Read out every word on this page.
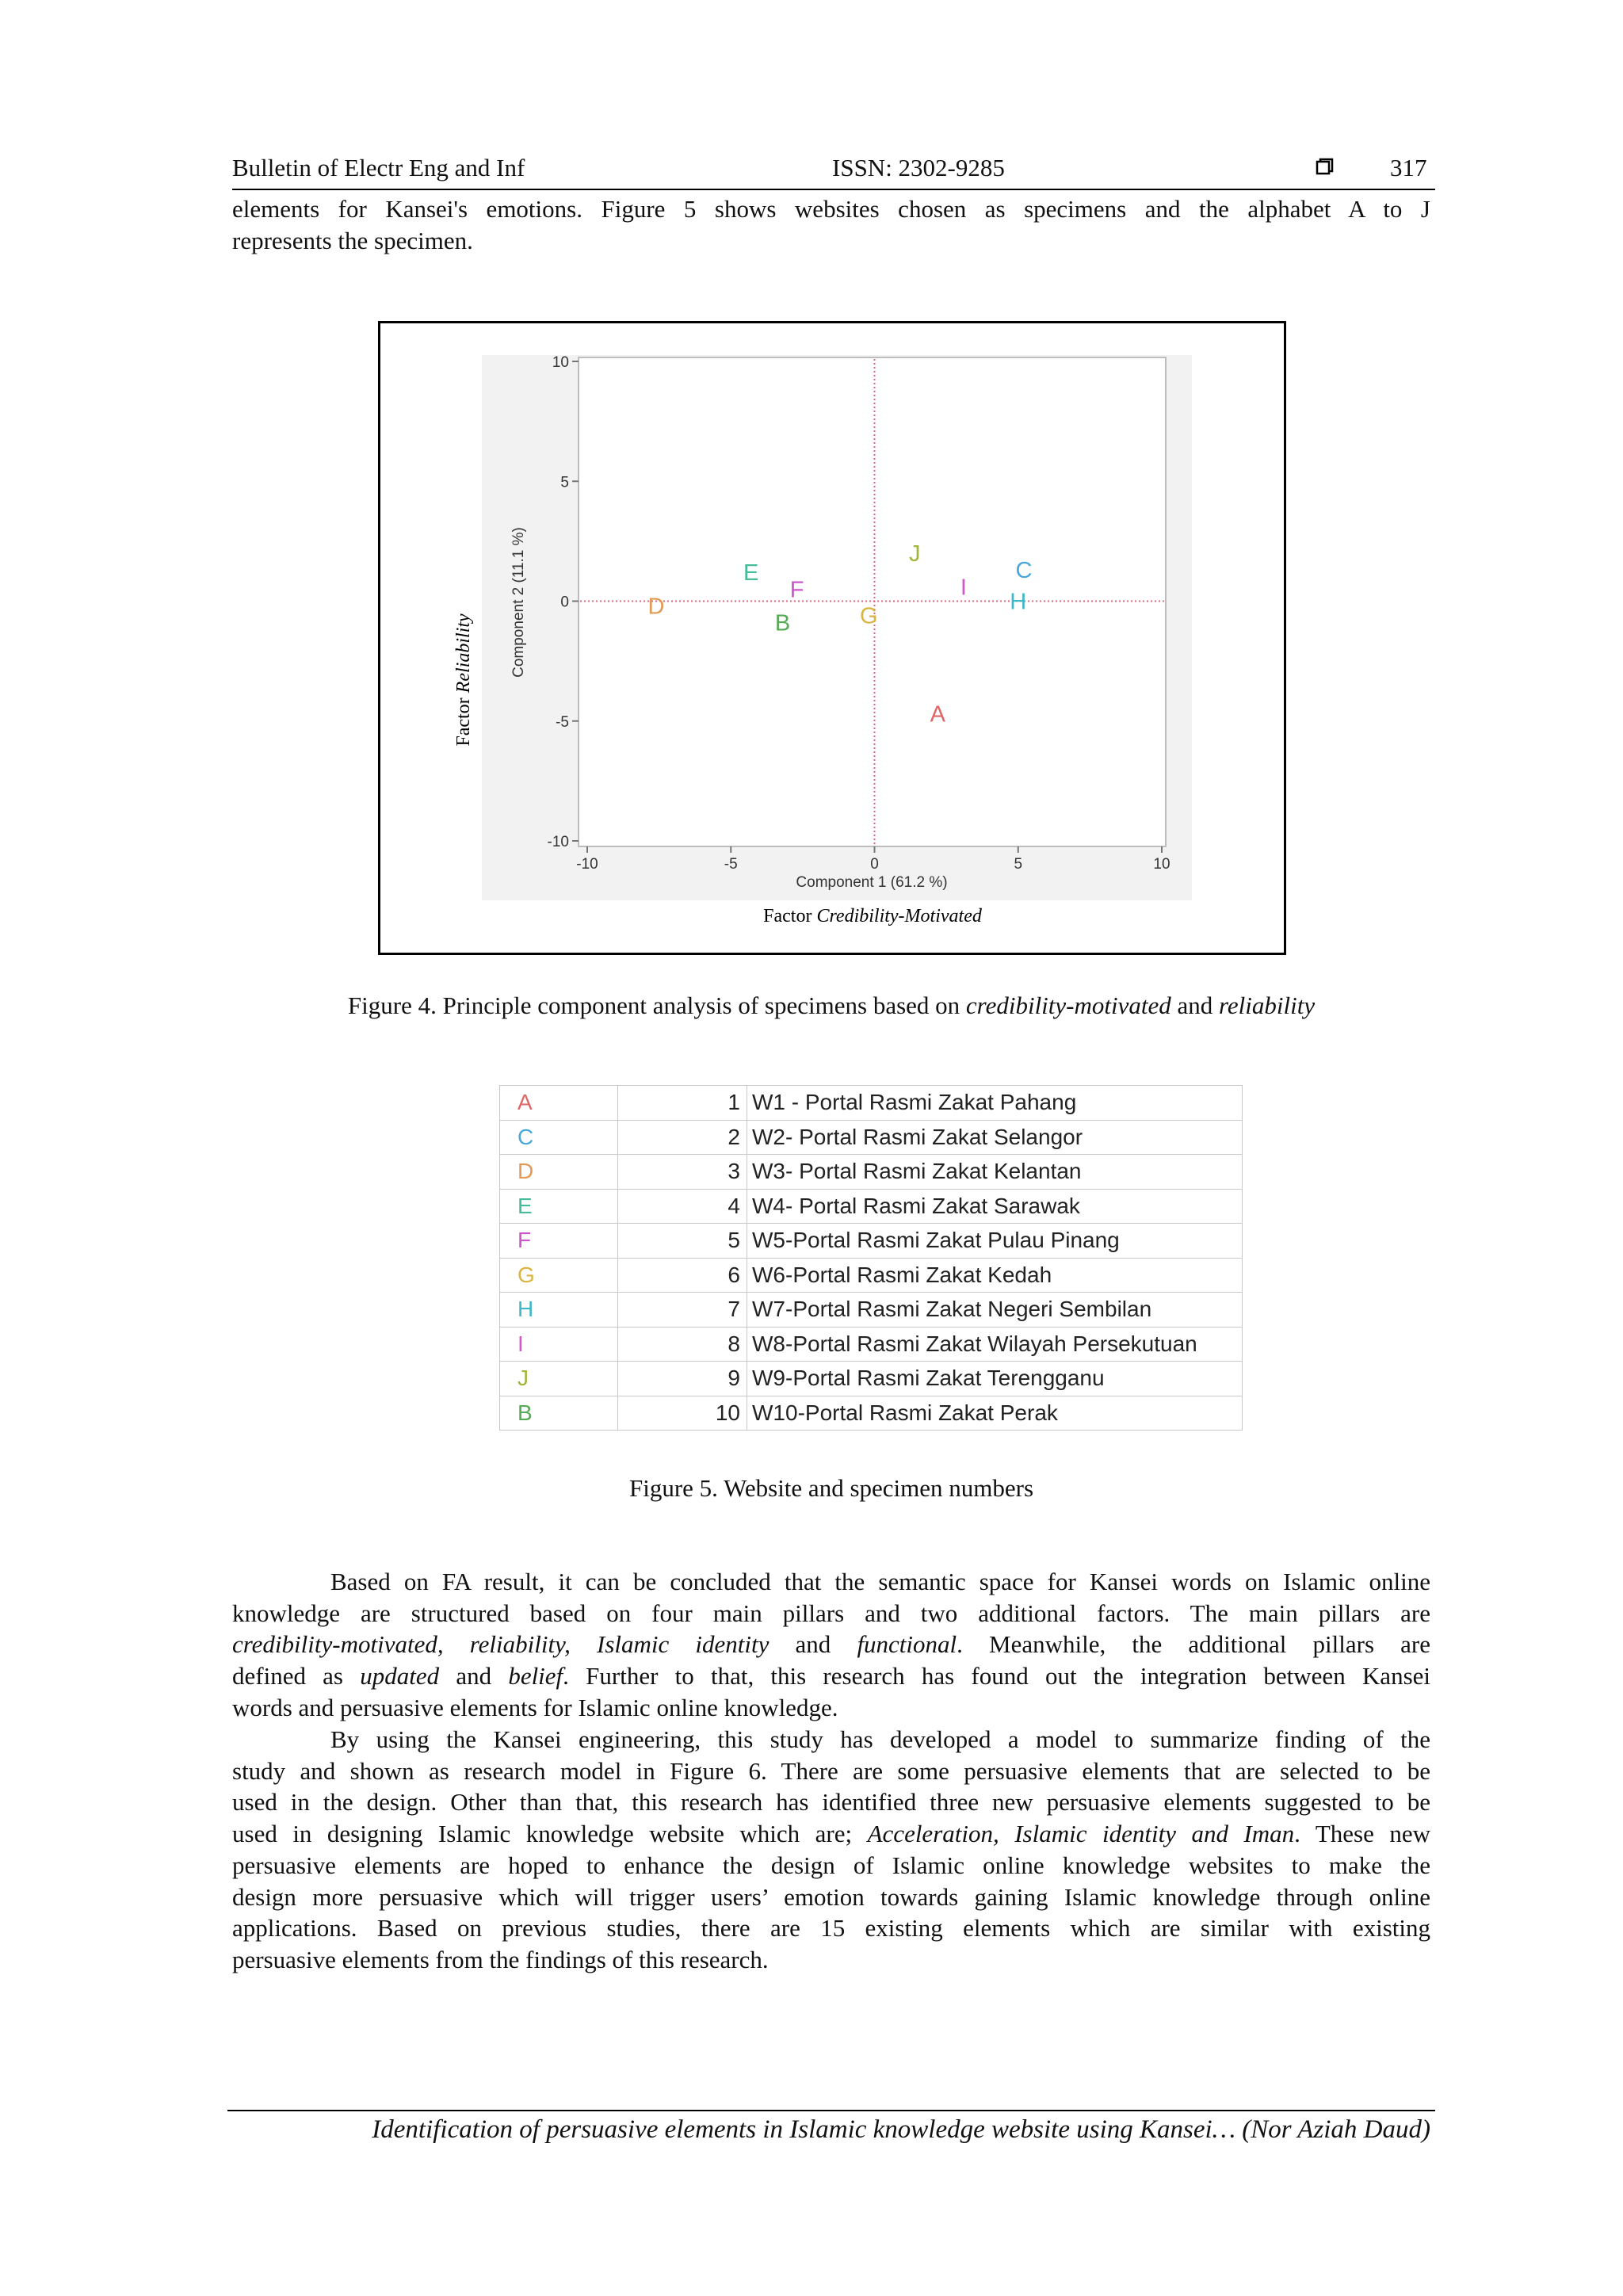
Bulletin of Electr Eng and Inf	ISSN: 2302-9285	317
elements for Kansei's emotions. Figure 5 shows websites chosen as specimens and the alphabet A to J
represents the specimen.
-10	-5	0	5	10
10
5
0
-5
-10
A
B
C
D
E
F
G
H
I
J
Component 1 (61.2 %)
Component 2 (11.1 %)
Factor Credibility-Motivated
Factor Reliability
Figure 4. Principle component analysis of specimens based on credibility-motivated and reliability
A	1	W1 - Portal Rasmi Zakat Pahang
C	2	W2- Portal Rasmi Zakat Selangor
D	3	W3- Portal Rasmi Zakat Kelantan
E	4	W4- Portal Rasmi Zakat Sarawak
F	5	W5-Portal Rasmi Zakat Pulau Pinang
G	6	W6-Portal Rasmi Zakat Kedah
H	7	W7-Portal Rasmi Zakat Negeri Sembilan
I	8	W8-Portal Rasmi Zakat Wilayah Persekutuan
J	9	W9-Portal Rasmi Zakat Terengganu
B	10	W10-Portal Rasmi Zakat Perak
Figure 5. Website and specimen numbers
Based on FA result, it can be concluded that the semantic space for Kansei words on Islamic online
knowledge are structured based on four main pillars and two additional factors. The main pillars are
credibility-motivated, reliability, Islamic identity and functional. Meanwhile, the additional pillars are
defined as updated and belief. Further to that, this research has found out the integration between Kansei
words and persuasive elements for Islamic online knowledge.
By using the Kansei engineering, this study has developed a model to summarize finding of the
study and shown as research model in Figure 6. There are some persuasive elements that are selected to be
used in the design. Other than that, this research has identified three new persuasive elements suggested to be
used in designing Islamic knowledge website which are; Acceleration, Islamic identity and Iman. These new
persuasive elements are hoped to enhance the design of Islamic online knowledge websites to make the
design more persuasive which will trigger users’ emotion towards gaining Islamic knowledge through online
applications. Based on previous studies, there are 15 existing elements which are similar with existing
persuasive elements from the findings of this research.
Identification of persuasive elements in Islamic knowledge website using Kansei… (Nor Aziah Daud)
